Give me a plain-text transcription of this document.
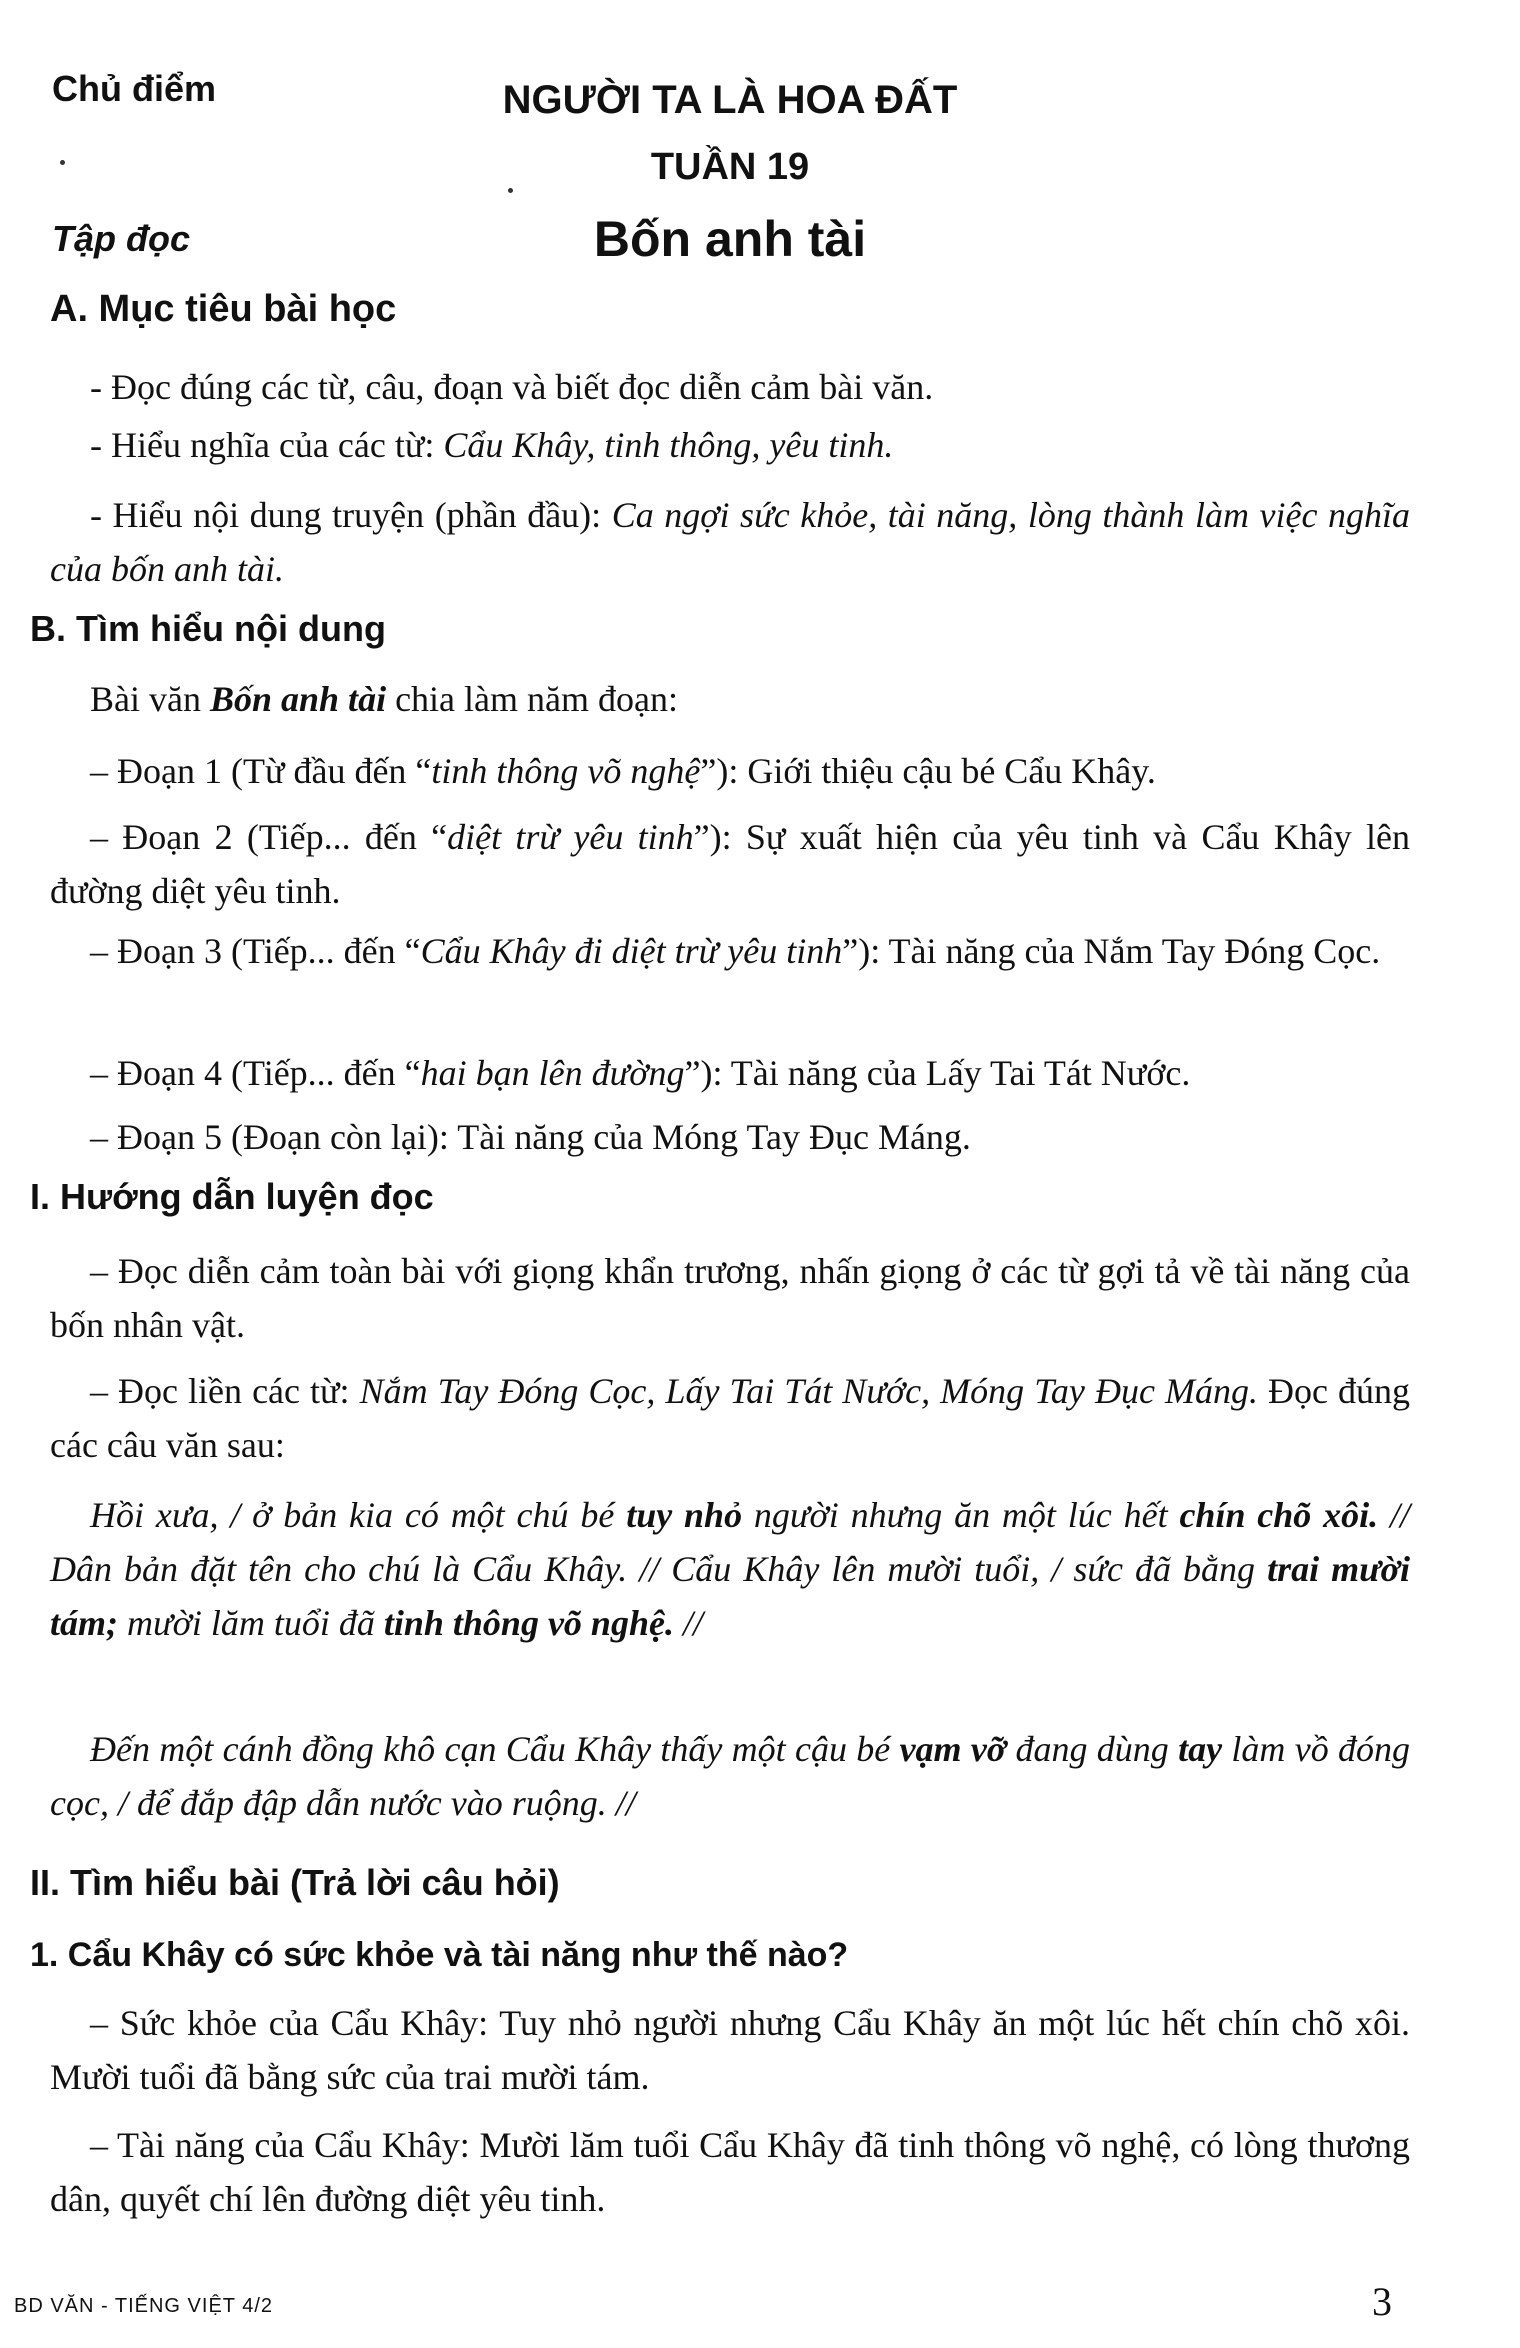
Chủ điểm	NGƯỜI TA LÀ HOA ĐẤT
TUẦN 19
Tập đọc	Bốn anh tài
A. Mục tiêu bài học
- Đọc đúng các từ, câu, đoạn và biết đọc diễn cảm bài văn.
- Hiểu nghĩa của các từ: Cẩu Khây, tinh thông, yêu tinh.
- Hiểu nội dung truyện (phần đầu): Ca ngợi sức khỏe, tài năng, lòng thành làm việc nghĩa của bốn anh tài.
B. Tìm hiểu nội dung
Bài văn Bốn anh tài chia làm năm đoạn:
– Đoạn 1 (Từ đầu đến “tinh thông võ nghệ”): Giới thiệu cậu bé Cẩu Khây.
– Đoạn 2 (Tiếp... đến “diệt trừ yêu tinh”): Sự xuất hiện của yêu tinh và Cẩu Khây lên đường diệt yêu tinh.
– Đoạn 3 (Tiếp... đến “Cẩu Khây đi diệt trừ yêu tinh”): Tài năng của Nắm Tay Đóng Cọc.
– Đoạn 4 (Tiếp... đến “hai bạn lên đường”): Tài năng của Lấy Tai Tát Nước.
– Đoạn 5 (Đoạn còn lại): Tài năng của Móng Tay Đục Máng.
I. Hướng dẫn luyện đọc
– Đọc diễn cảm toàn bài với giọng khẩn trương, nhấn giọng ở các từ gợi tả về tài năng của bốn nhân vật.
– Đọc liền các từ: Nắm Tay Đóng Cọc, Lấy Tai Tát Nước, Móng Tay Đục Máng. Đọc đúng các câu văn sau:
Hồi xưa, / ở bản kia có một chú bé tuy nhỏ người nhưng ăn một lúc hết chín chõ xôi. // Dân bản đặt tên cho chú là Cẩu Khây. // Cẩu Khây lên mười tuổi, / sức đã bằng trai mười tám; mười lăm tuổi đã tinh thông võ nghệ. //
Đến một cánh đồng khô cạn Cẩu Khây thấy một cậu bé vạm vỡ đang dùng tay làm vồ đóng cọc, / để đắp đập dẫn nước vào ruộng. //
II. Tìm hiểu bài (Trả lời câu hỏi)
1. Cẩu Khây có sức khỏe và tài năng như thế nào?
– Sức khỏe của Cẩu Khây: Tuy nhỏ người nhưng Cẩu Khây ăn một lúc hết chín chõ xôi. Mười tuổi đã bằng sức của trai mười tám.
– Tài năng của Cẩu Khây: Mười lăm tuổi Cẩu Khây đã tinh thông võ nghệ, có lòng thương dân, quyết chí lên đường diệt yêu tinh.
BD VĂN - TIẾNG VIỆT 4/2	3
